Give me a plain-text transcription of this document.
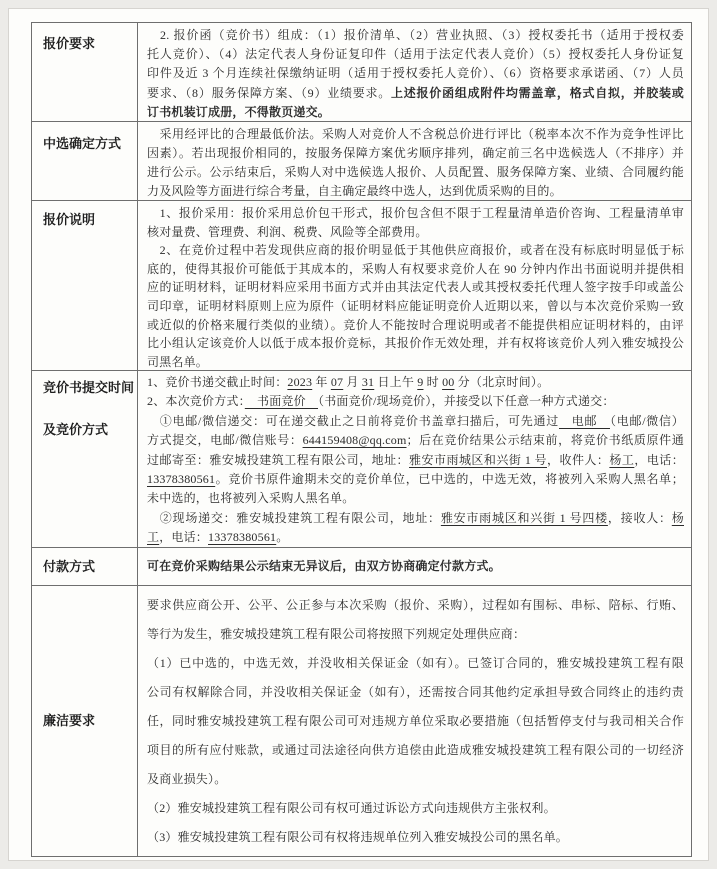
报价要求
　2. 报价函（竞价书）组成：（1）报价清单、（2）营业执照、（3）授权委托书（适用于授权委
托人竞价）、（4）法定代表人身份证复印件（适用于法定代表人竞价）（5）授权委托人身份证复
印件及近 3 个月连续社保缴纳证明（适用于授权委托人竞价）、（6）资格要求承诺函、（7）人员
要求、（8）服务保障方案、（9）业绩要求。上述报价函组成附件均需盖章，格式自拟，并胶装或
订书机装订成册，不得散页递交。
中选确定方式
　采用经评比的合理最低价法。采购人对竞价人不含税总价进行评比（税率本次不作为竞争性评比
因素）。若出现报价相同的，按服务保障方案优劣顺序排列，确定前三名中选候选人（不排序）并
进行公示。公示结束后，采购人对中选候选人报价、人员配置、服务保障方案、业绩、合同履约能
力及风险等方面进行综合考量，自主确定最终中选人，达到优质采购的目的。
报价说明	　1、报价采用：报价采用总价包干形式，报价包含但不限于工程量清单造价咨询、工程量清单审
核对量费、管理费、利润、税费、风险等全部费用。
　2、在竞价过程中若发现供应商的报价明显低于其他供应商报价，或者在没有标底时明显低于标
底的，使得其报价可能低于其成本的，采购人有权要求竞价人在 90 分钟内作出书面说明并提供相
应的证明材料，证明材料应采用书面方式并由其法定代表人或其授权委托代理人签字按手印或盖公
司印章，证明材料原则上应为原件（证明材料应能证明竞价人近期以来，曾以与本次竞价采购一致
或近似的价格来履行类似的业绩）。竞价人不能按时合理说明或者不能提供相应证明材料的，由评
比小组认定该竞价人以低于成本报价竞标，其报价作无效处理，并有权将该竞价人列入雅安城投公
司黑名单。
竞价书提交时间
及竞价方式
1、竞价书递交截止时间：2023 年 07 月 31 日上午 9 时 00 分（北京时间）。
2、本次竞价方式：　书面竞价　（书面竞价/现场竞价），并接受以下任意一种方式递交：
　①电邮/微信递交：可在递交截止之日前将竞价书盖章扫描后，可先通过　电邮　（电邮/微信）
方式提交，电邮/微信账号：644159408@qq.com；后在竞价结果公示结束前，将竞价书纸质原件通
过邮寄至：雅安城投建筑工程有限公司，地址：雅安市雨城区和兴街 1 号，收件人：杨工，电话：
13378380561。竞价书原件逾期未交的竞价单位，已中选的，中选无效，将被列入采购人黑名单；
未中选的，也将被列入采购人黑名单。
　②现场递交：雅安城投建筑工程有限公司，地址：雅安市雨城区和兴街 1 号四楼，接收人：杨
工，电话：13378380561。
付款方式	可在竞价采购结果公示结束无异议后，由双方协商确定付款方式。
廉洁要求
要求供应商公开、公平、公正参与本次采购（报价、采购），过程如有围标、串标、陪标、行贿、
等行为发生，雅安城投建筑工程有限公司将按照下列规定处理供应商：
（1）已中选的，中选无效，并没收相关保证金（如有）。已签订合同的，雅安城投建筑工程有限
公司有权解除合同，并没收相关保证金（如有），还需按合同其他约定承担导致合同终止的违约责
任，同时雅安城投建筑工程有限公司可对违规方单位采取必要措施（包括暂停支付与我司相关合作
项目的所有应付账款，或通过司法途径向供方追偿由此造成雅安城投建筑工程有限公司的一切经济
及商业损失）。
（2）雅安城投建筑工程有限公司有权可通过诉讼方式向违规供方主张权利。
（3）雅安城投建筑工程有限公司有权将违规单位列入雅安城投公司的黑名单。
